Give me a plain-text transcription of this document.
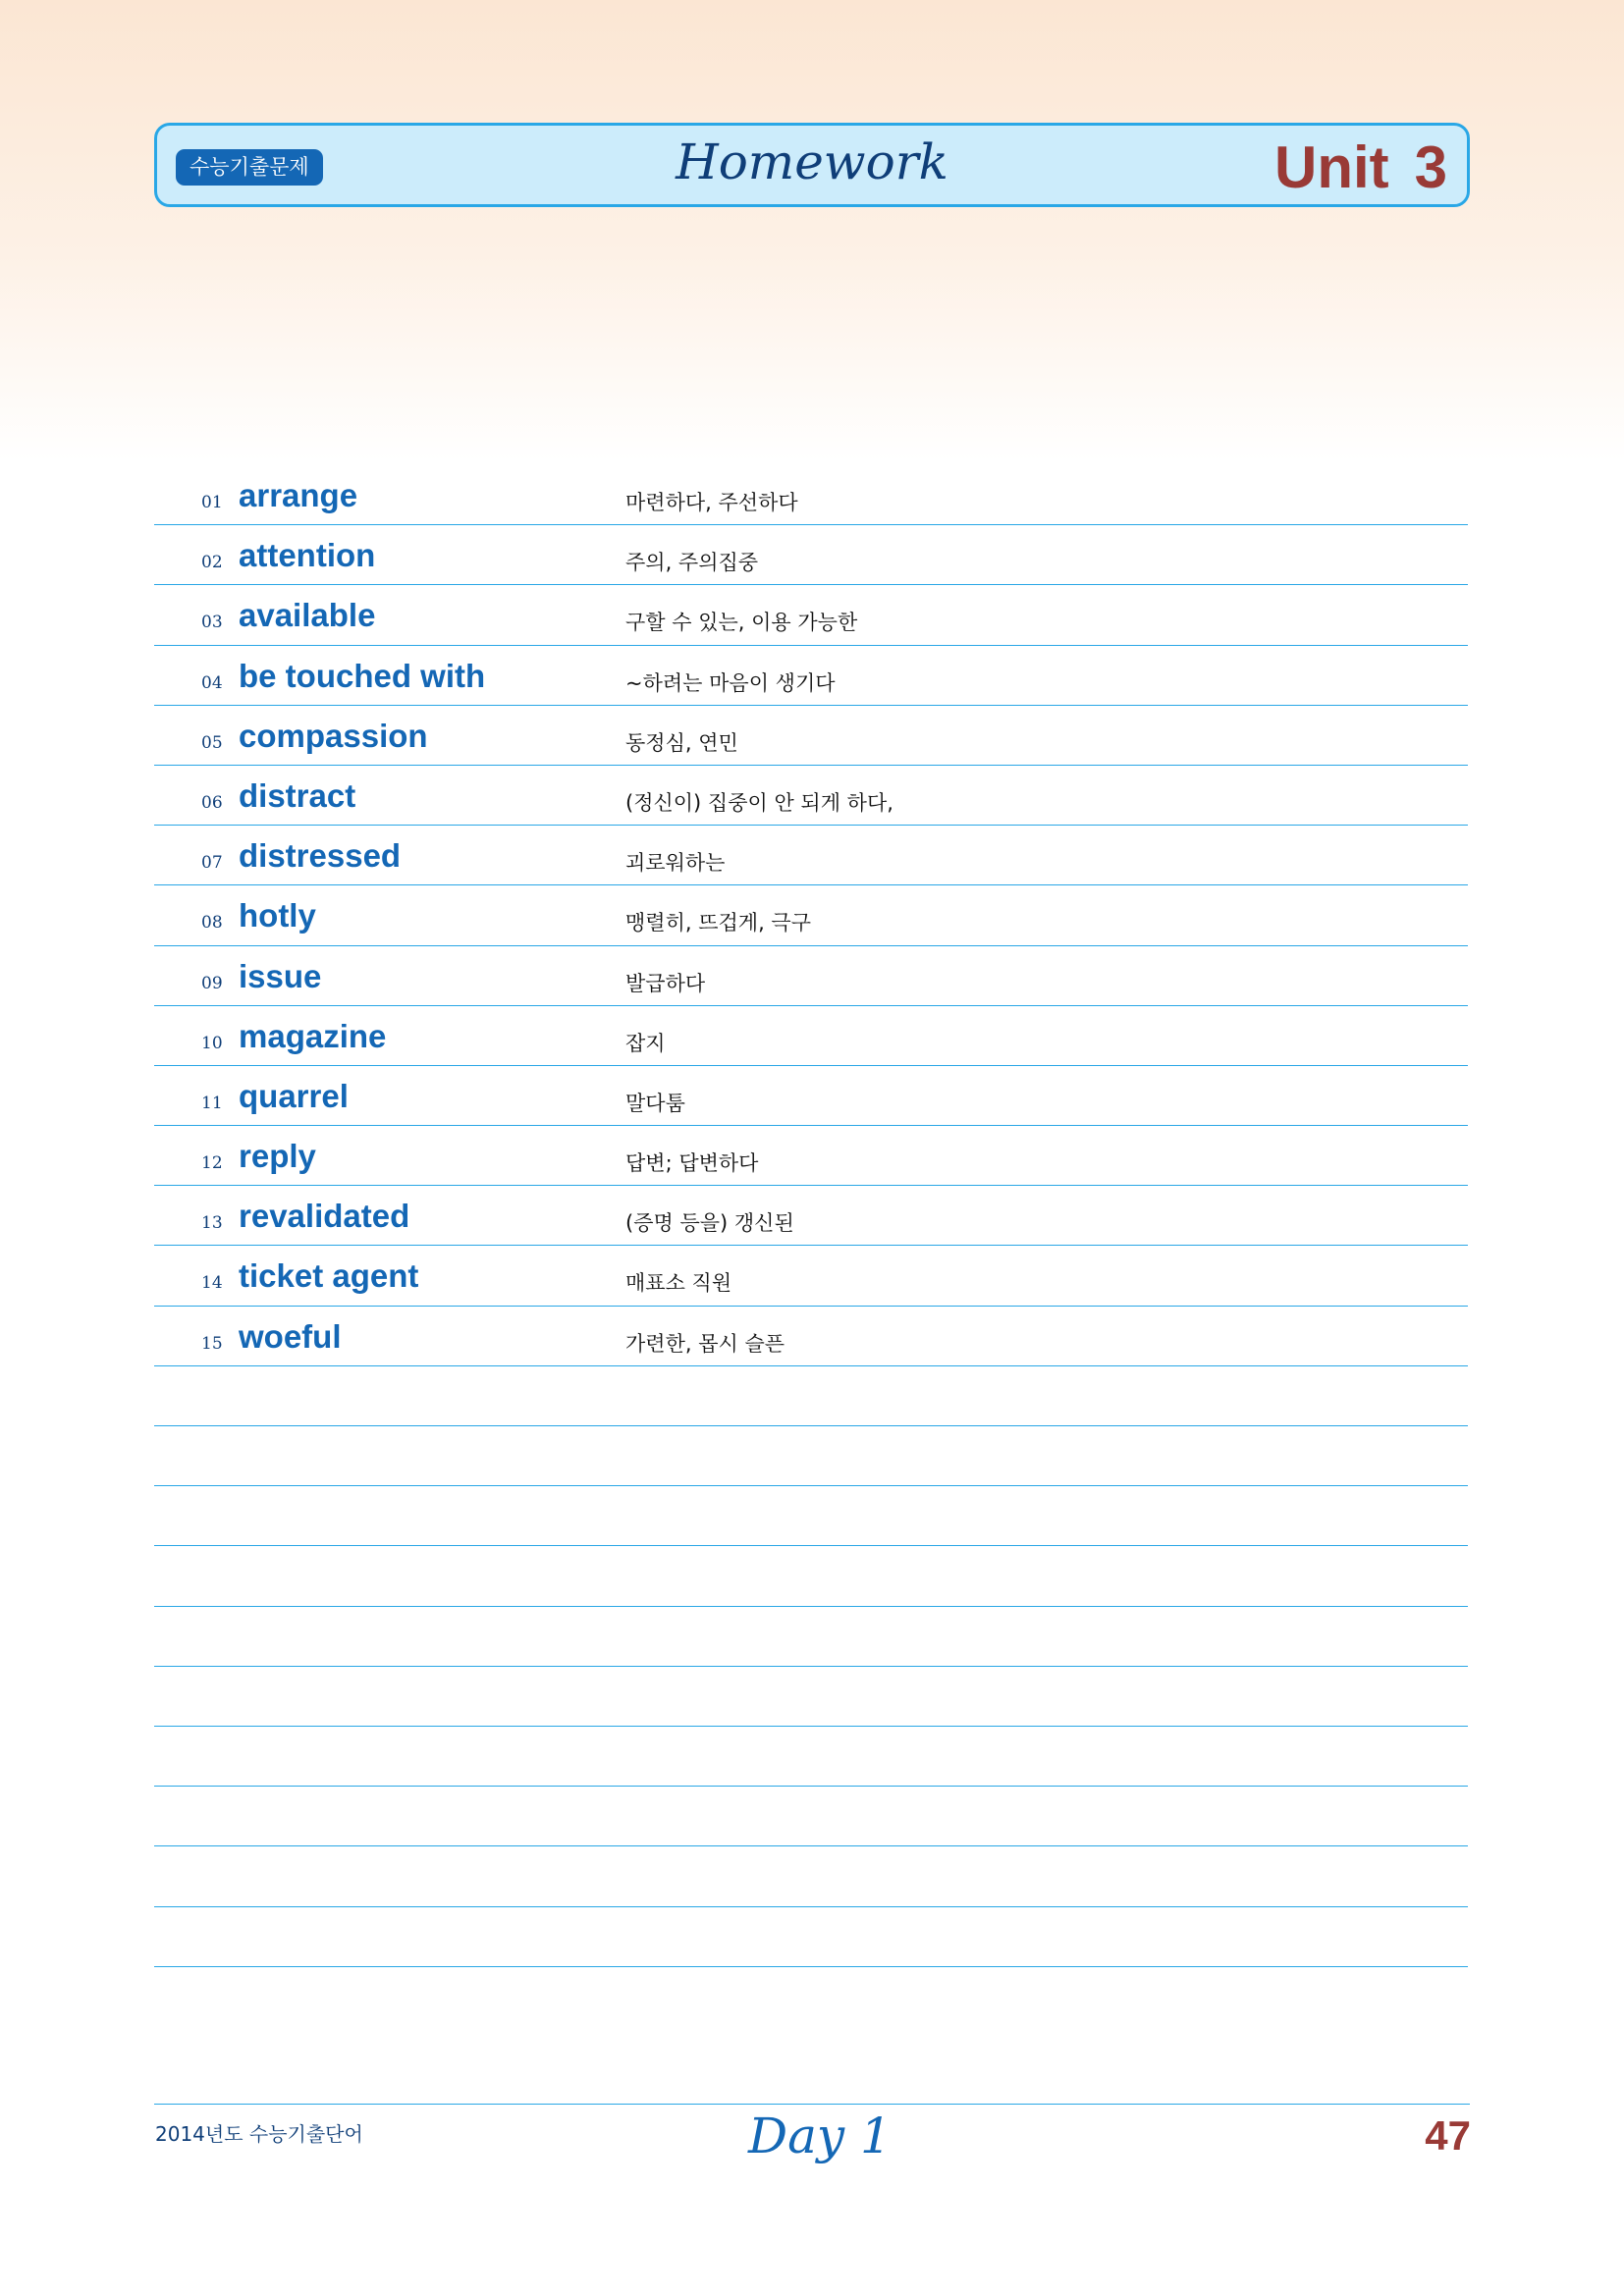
수능기출문제	Homework	Unit 3
01 arrange	마련하다, 주선하다
02 attention	주의, 주의집중
03 available	구할 수 있는, 이용 가능한
04 be touched with	~하려는 마음이 생기다
05 compassion	동정심, 연민
06 distract	(정신이) 집중이 안 되게 하다,
07 distressed	괴로워하는
08 hotly	맹렬히, 뜨겁게, 극구
09 issue	발급하다
10 magazine	잡지
11 quarrel	말다툼
12 reply	답변; 답변하다
13 revalidated	(증명 등을) 갱신된
14 ticket agent	매표소 직원
15 woeful	가련한, 몹시 슬픈
2014년도 수능기출단어	Day 1	47
